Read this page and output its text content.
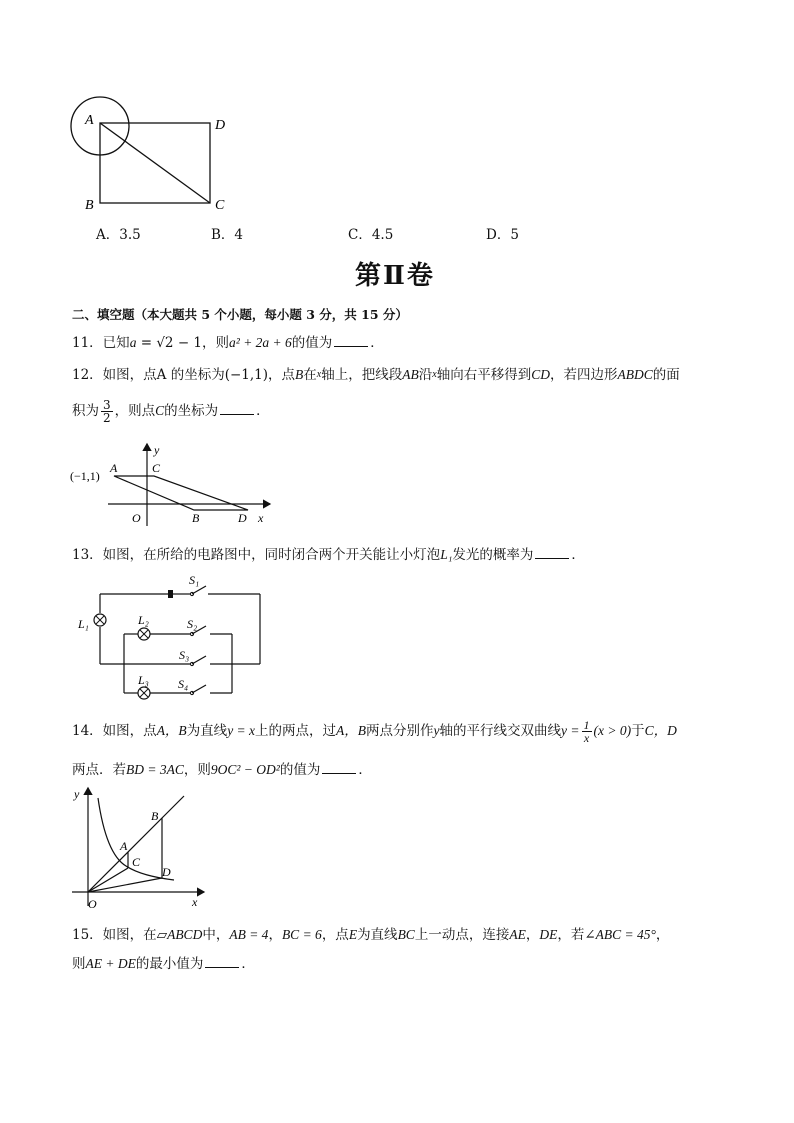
A	D
B	C
A．3.5	B．4	C．4.5	D．5
第Ⅱ卷
二、填空题（本大题共 5 个小题，每小题 3 分，共 15 分）
11．已知a = √2 − 1，则a² + 2a + 6的值为	．
12．如图，点A 的坐标为(−1,1)，点B在$^x$轴上，把线段AB沿$^x$轴向右平移得到CD，若四边形ABDC的面
积为 $\frac{3}{2}$ ，则点C的坐标为	．
(−1,1)
A	C
y
O	B	D x
13．如图，在所给的电路图中，同时闭合两个开关能让小灯泡L₁发光的概率为	．
S₁
S₂
S₃
S₄
L₁	L₂
L₃
14．如图，点A，B为直线y = x上的两点，过A，B两点分别作y轴的平行线交双曲线$y = \frac{1}{x} (x > 0)$于C，D
两点．若BD = 3AC，则9OC² − OD²的值为	．
y
x
O
A
B
C
D
15．如图，在▱ABCD中，AB = 4，BC = 6，点E为直线BC上一动点，连接AE，DE，若∠ABC = 45°，
则AE + DE的最小值为	．
